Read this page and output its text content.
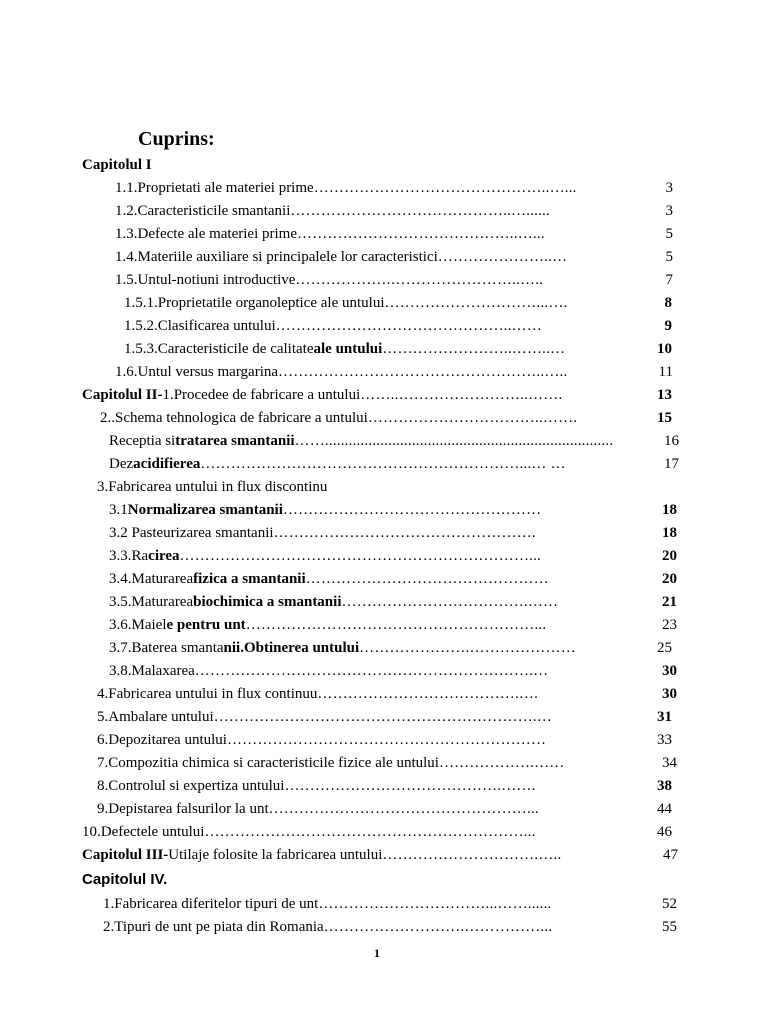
Cuprins:
Capitolul I
1.1.Proprietati ale materiei prime ………………………………………..…...	3
1.2.Caracteristicile smantanii ……………………………………..…......	3
1.3.Defecte ale materiei prime ……………………………………..…...	5
1.4.Materiile auxiliare si principalele lor caracteristici …………………..…	5
1.5.Untul-notiuni introductive ……………….……………………..…..	7
1.5.1.Proprietatile organoleptice ale untului …………………………...….	8
1.5.2.Clasificarea untului ………………………………………..……	9
1.5.3.Caracteristicile de calitate ale untului ……………………..……..…	10
1.6.Untul versus margarina ……………………………………………..…..	11
Capitolul II- 1.Procedee de fabricare a untului ……..……………………..…….	13
2..Schema tehnologica de fabricare a untului ……………………………..…….	15
Receptia si tratarea smantanii …….........................................................................	16
Dez acidifierea ………………………………………………………...… …	17
3.Fabricarea untului in flux discontinu
3.1 Normalizarea smantanii ……………………………………………	18
3.2 Pasteurizarea smantanii …………………………………………….	18
3.3.Ra cirea ……………………………………………………………...	20
3.4.Maturarea fizica a smantanii …………………………………………	20
3.5.Maturarea biochimica a smantanii ……………………………….……	21
3.6.Maiel e pentru unt …………………………………………………...	23
3.7.Baterea smanta nii.Obtinerea untului ………………….…………………	25
3.8.Malaxarea ………………………………………………………….…	30
4.Fabricarea untului in flux continuu ………………………………….….	30
5.Ambalare untului ……………………………………………………….…	31
6.Depozitarea untului ………………………………………………………	33
7.Compozitia chimica si caracteristicile fizice ale untului ……………….……	34
8.Controlul si expertiza untului …………………………………….…….	38
9.Depistarea falsurilor la unt ……………………………………………...	44
10.Defectele untului ………………………………………………………...	46
Capitolul III- Utilaje folosite la fabricarea untului ………………………….…..	47
Capitolul IV.
1.Fabricarea diferitelor tipuri de unt ……………………………...……......	52
2.Tipuri de unt pe piata din Romania ……………………….……………...	55
1
